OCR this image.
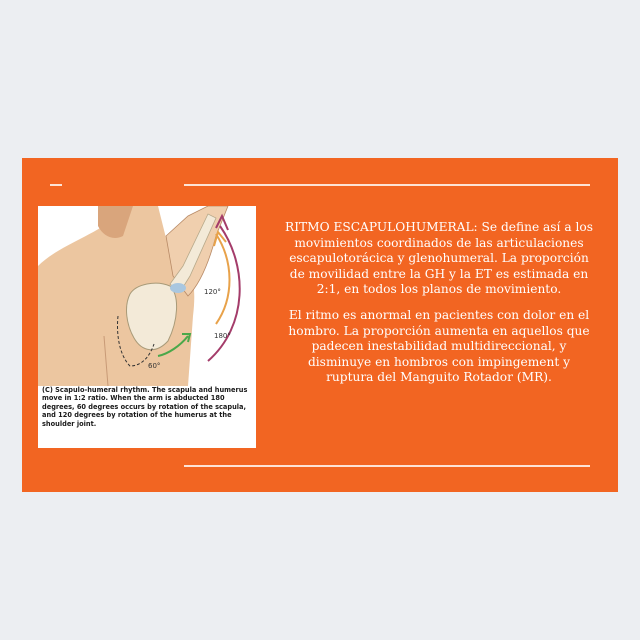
120°
180°
60°

(C) Scapulo-humeral rhythm. The scapula and humerus move in 1:2 ratio. When the arm is abducted 180 degrees, 60 degrees occurs by rotation of the scapula, and 120 degrees by rotation of the humerus at the shoulder joint.

RITMO ESCAPULOHUMERAL: Se define así a los movimientos coordinados de las articulaciones escapulotorácica y glenohumeral. La proporción de movilidad entre la GH y la ET es estimada en 2:1, en todos los planos de movimiento.

El ritmo es anormal en pacientes con dolor en el hombro. La proporción aumenta en aquellos que padecen inestabilidad multidireccional, y disminuye en hombros con impingement y ruptura del Manguito Rotador (MR).
